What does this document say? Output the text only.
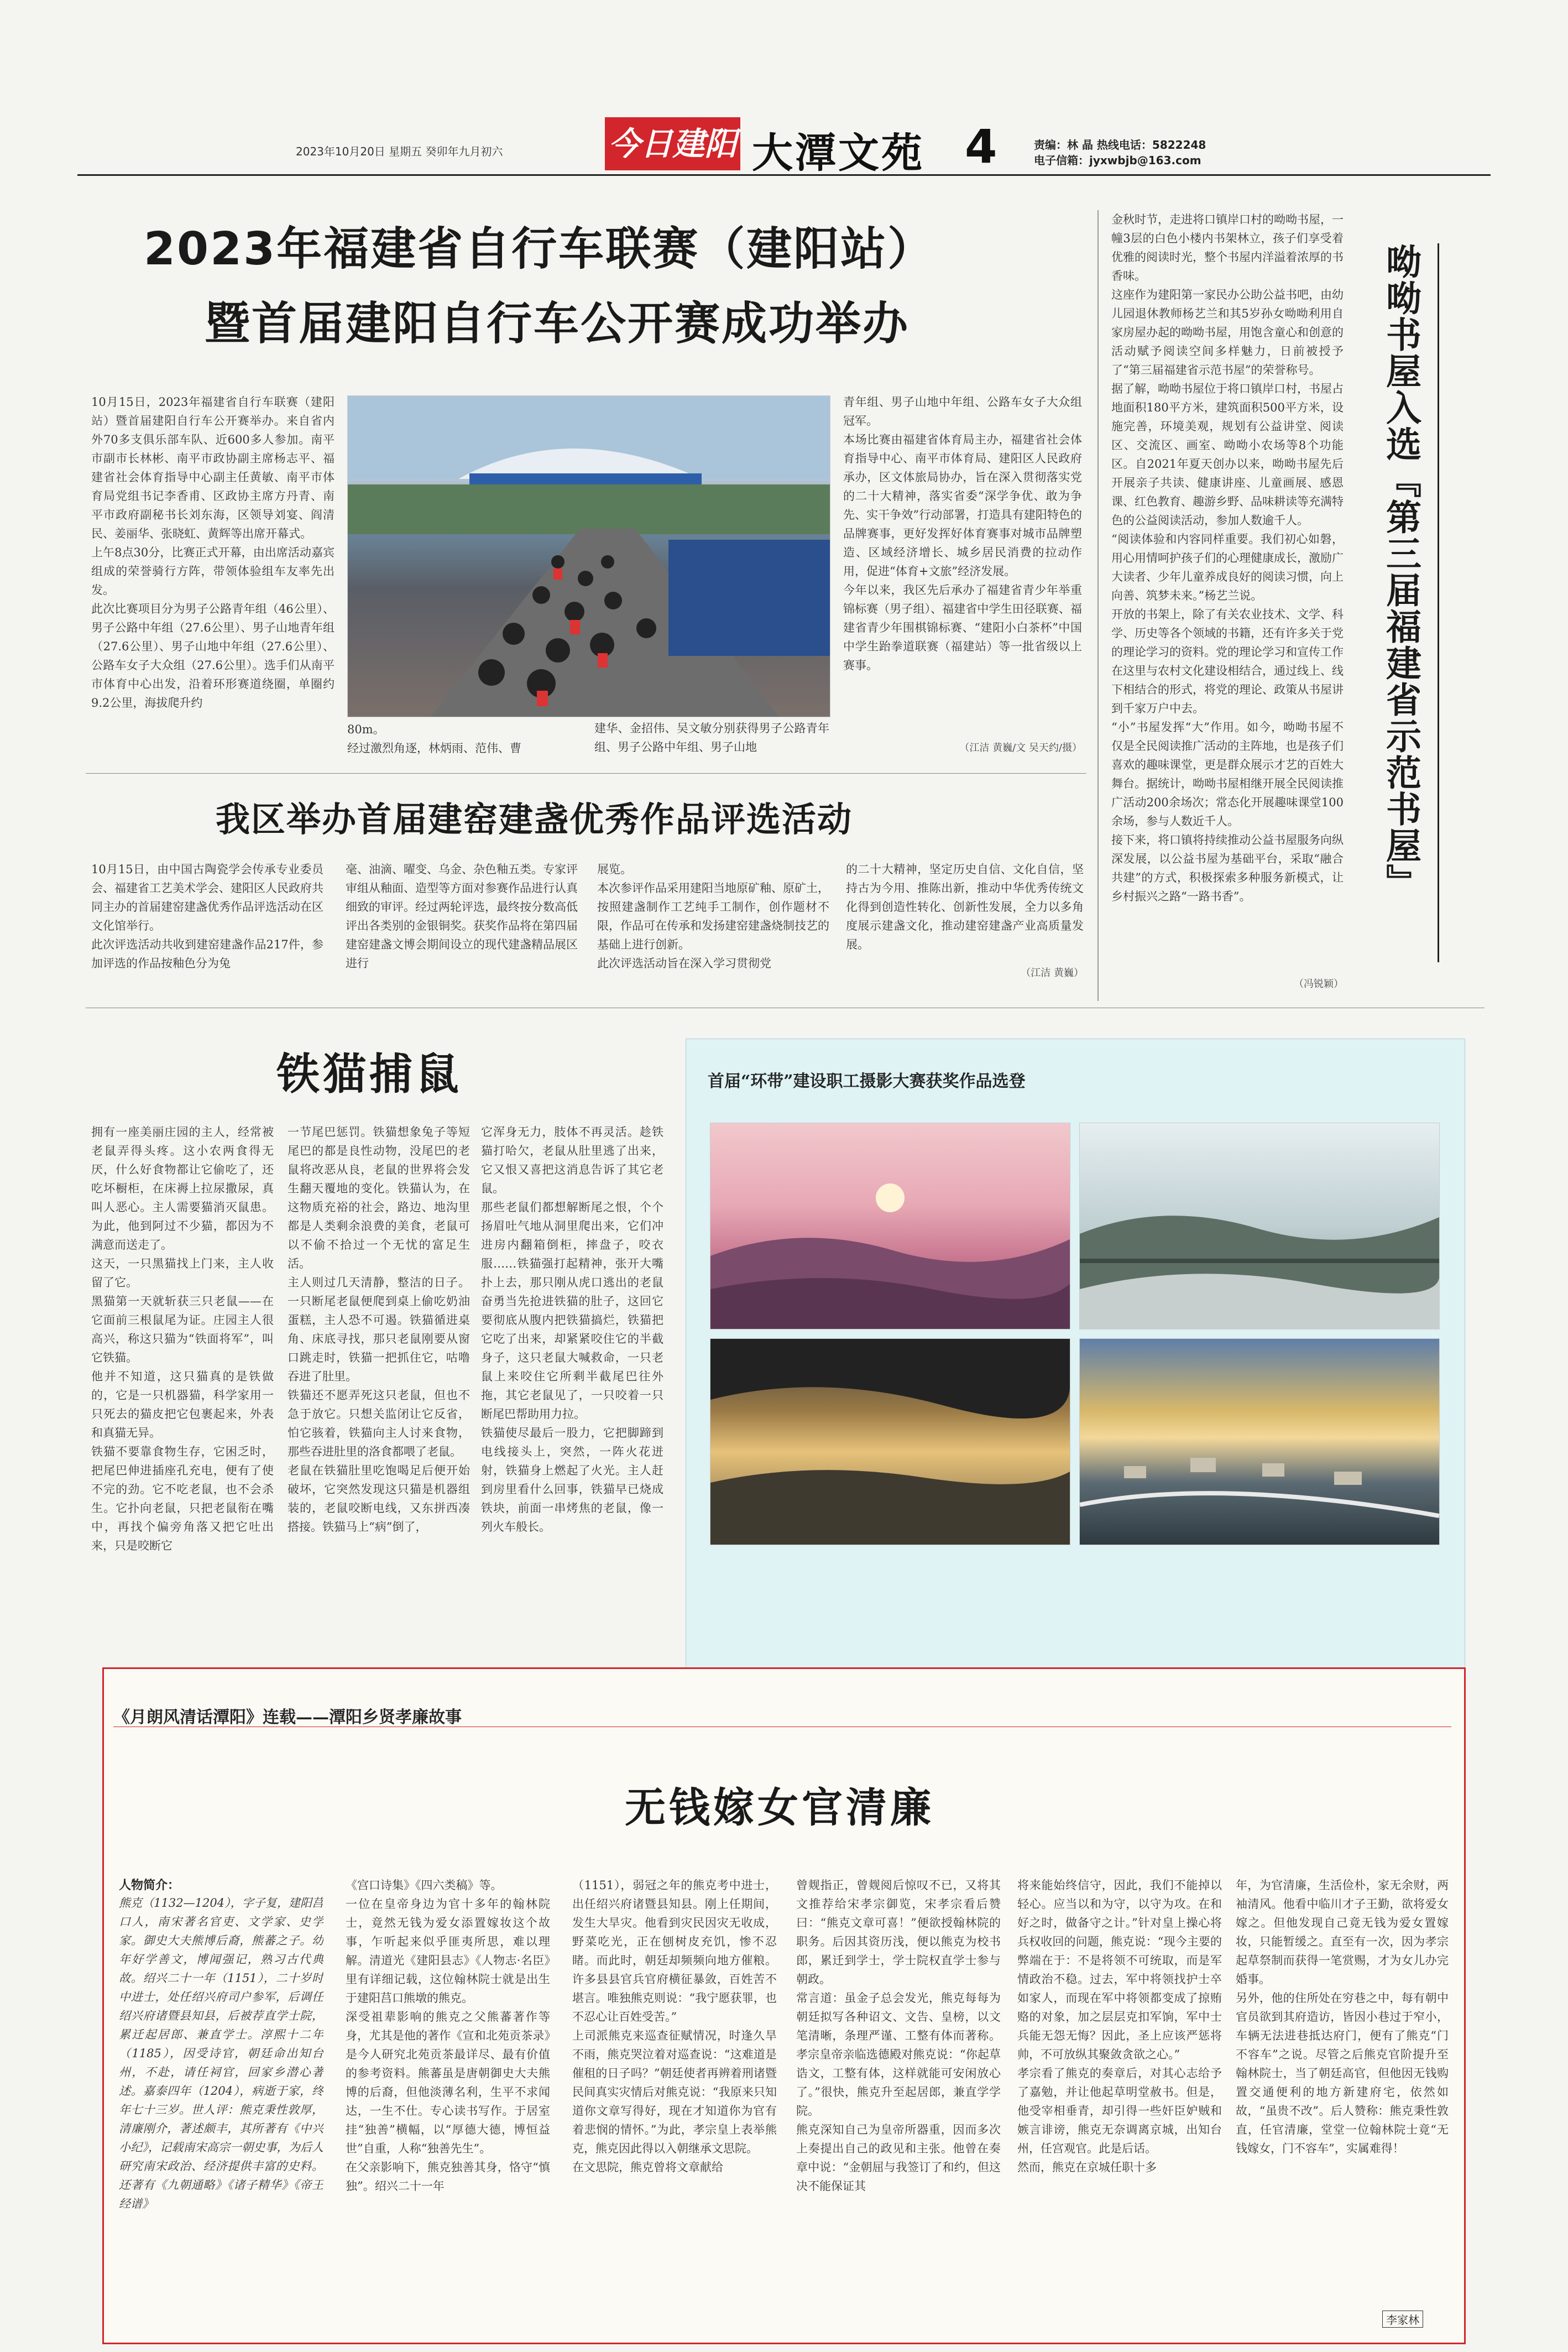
2023年10月20日 星期五 癸卯年九月初六	今日建阳 大潭文苑 4	责编：林 晶 热线电话：5822248
电子信箱：jyxwbjb@163.com
2023年福建省自行车联赛（建阳站）
暨首届建阳自行车公开赛成功举办
10月15日，2023年福建省自行车联赛（建阳站）暨首届建阳自行车公开赛举办。来自省内外70多支俱乐部车队、近600多人参加。南平市副市长林彬、南平市政协副主席杨志平、福建省社会体育指导中心副主任黄敏、南平市体育局党组书记李香甫、区政协主席方丹青、南平市政府副秘书长刘东海，区领导刘宴、阎清民、姜丽华、张晓虹、黄辉等出席开幕式。
上午8点30分，比赛正式开幕，由出席活动嘉宾组成的荣誉骑行方阵，带领体验组车友率先出发。
此次比赛项目分为男子公路青年组（46公里）、男子公路中年组（27.6公里）、男子山地青年组（27.6公里）、男子山地中年组（27.6公里）、公路车女子大众组（27.6公里）。选手们从南平市体育中心出发，沿着环形赛道绕圈，单圈约9.2公里，海拔爬升约
80m。
经过激烈角逐，林炳雨、范伟、曹
建华、金招伟、吴文敏分别获得男子公路青年组、男子公路中年组、男子山地
青年组、男子山地中年组、公路车女子大众组冠军。
本场比赛由福建省体育局主办，福建省社会体育指导中心、南平市体育局、建阳区人民政府承办，区文体旅局协办，旨在深入贯彻落实党的二十大精神，落实省委“深学争优、敢为争先、实干争效”行动部署，打造具有建阳特色的品牌赛事，更好发挥好体育赛事对城市品牌塑造、区域经济增长、城乡居民消费的拉动作用，促进“体育+文旅”经济发展。
今年以来，我区先后承办了福建省青少年举重锦标赛（男子组）、福建省中学生田径联赛、福建省青少年围棋锦标赛、“建阳小白茶杯”中国中学生跆拳道联赛（福建站）等一批省级以上赛事。
（江洁 黄巍/文 吴天约/摄）
我区举办首届建窑建盏优秀作品评选活动
10月15日，由中国古陶瓷学会传承专业委员会、福建省工艺美术学会、建阳区人民政府共同主办的首届建窑建盏优秀作品评选活动在区文化馆举行。
此次评选活动共收到建窑建盏作品217件，参加评选的作品按釉色分为兔
毫、油滴、曜变、乌金、杂色釉五类。专家评审组从釉面、造型等方面对参赛作品进行认真细致的审评。经过两轮评选，最终按分数高低评出各类别的金银铜奖。获奖作品将在第四届建窑建盏文博会期间设立的现代建盏精品展区进行
展览。
本次参评作品采用建阳当地原矿釉、原矿土，按照建盏制作工艺纯手工制作，创作题材不限，作品可在传承和发扬建窑建盏烧制技艺的基础上进行创新。
此次评选活动旨在深入学习贯彻党
的二十大精神，坚定历史自信、文化自信，坚持古为今用、推陈出新，推动中华优秀传统文化得到创造性转化、创新性发展，全力以多角度展示建盏文化，推动建窑建盏产业高质量发展。
（江洁 黄巍）
金秋时节，走进将口镇岸口村的呦呦书屋，一幢3层的白色小楼内书架林立，孩子们享受着优雅的阅读时光，整个书屋内洋溢着浓厚的书香味。
这座作为建阳第一家民办公助公益书吧，由幼儿园退休教师杨艺兰和其5岁孙女呦呦利用自家房屋办起的呦呦书屋，用饱含童心和创意的活动赋予阅读空间多样魅力，日前被授予了“第三届福建省示范书屋”的荣誉称号。
据了解，呦呦书屋位于将口镇岸口村，书屋占地面积180平方米，建筑面积500平方米，设施完善，环境美观，规划有公益讲堂、阅读区、交流区、画室、呦呦小农场等8个功能区。自2021年夏天创办以来，呦呦书屋先后开展亲子共读、健康讲座、儿童画展、感恩课、红色教育、趣游乡野、品味耕读等充满特色的公益阅读活动，参加人数逾千人。
“阅读体验和内容同样重要。我们初心如磐，用心用情呵护孩子们的心理健康成长，激励广大读者、少年儿童养成良好的阅读习惯，向上向善、筑梦未来。”杨艺兰说。
开放的书架上，除了有关农业技术、文学、科学、历史等各个领域的书籍，还有许多关于党的理论学习的资料。党的理论学习和宣传工作在这里与农村文化建设相结合，通过线上、线下相结合的形式，将党的理论、政策从书屋讲到千家万户中去。
“小”书屋发挥“大”作用。如今，呦呦书屋不仅是全民阅读推广活动的主阵地，也是孩子们喜欢的趣味课堂，更是群众展示才艺的百姓大舞台。据统计，呦呦书屋相继开展全民阅读推广活动200余场次；常态化开展趣味课堂100余场，参与人数近千人。
接下来，将口镇将持续推动公益书屋服务向纵深发展，以公益书屋为基础平台，采取“融合共建”的方式，积极探索多种服务新模式，让乡村振兴之路“一路书香”。
（冯锐颖）
呦呦书屋入选『第三届福建省示范书屋』
铁猫捕鼠
拥有一座美丽庄园的主人，经常被老鼠弄得头疼。这小农两食得无厌，什么好食物都让它偷吃了，还吃坏橱柜，在床褥上拉尿撒尿，真叫人恶心。主人需要猫消灭鼠患。为此，他到阿过不少猫，都因为不满意而送走了。
这天，一只黑猫找上门来，主人收留了它。
黑猫第一天就斩获三只老鼠——在它面前三根鼠尾为证。庄园主人很高兴，称这只猫为“铁面将军”，叫它铁猫。
他并不知道，这只猫真的是铁做的，它是一只机器猫，科学家用一只死去的猫皮把它包裹起来，外表和真猫无异。
铁猫不要靠食物生存，它困乏时，把尾巴伸进插座孔充电，便有了使不完的劲。它不吃老鼠，也不会杀生。它扑向老鼠，只把老鼠衔在嘴中，再找个偏旁角落又把它吐出来，只是咬断它
一节尾巴惩罚。铁猫想象兔子等短尾巴的都是良性动物，没尾巴的老鼠将改恶从良，老鼠的世界将会发生翻天覆地的变化。铁猫认为，在这物质充裕的社会，路边、地沟里都是人类剩余浪费的美食，老鼠可以不偷不拾过一个无忧的富足生活。
主人则过几天清静，整洁的日子。一只断尾老鼠便爬到桌上偷吃奶油蛋糕，主人恐不可遏。铁猫循进桌角、床底寻找，那只老鼠刚要从窗口跳走时，铁猫一把抓住它，咕噜吞进了肚里。
铁猫还不愿弄死这只老鼠，但也不急于放它。只想关监闭让它反省，怕它骇着，铁猫向主人讨来食物，那些吞进肚里的洛食都喂了老鼠。
老鼠在铁猫肚里吃饱喝足后便开始破坏，它突然发现这只猫是机器组装的，老鼠咬断电线，又东拼西凑搭接。铁猫马上“病”倒了，
它浑身无力，肢体不再灵活。趁铁猫打哈欠，老鼠从肚里逃了出来，它又恨又喜把这消息告诉了其它老鼠。
那些老鼠们都想解断尾之恨，个个扬眉吐气地从洞里爬出来，它们冲进房内翻箱倒柜，摔盘子，咬衣服……铁猫强打起精神，张开大嘴扑上去，那只刚从虎口逃出的老鼠奋勇当先抢进铁猫的肚子，这回它要彻底从腹内把铁猫搞烂，铁猫把它吃了出来，却紧紧咬住它的半截身子，这只老鼠大喊救命，一只老鼠上来咬住它所剩半截尾巴往外拖，其它老鼠见了，一只咬着一只断尾巴帮助用力拉。
铁猫使尽最后一股力，它把脚蹄到电线接头上，突然，一阵火花迸射，铁猫身上燃起了火光。主人赶到房里看什么回事，铁猫早已烧成铁块，前面一串烤焦的老鼠，像一列火车般长。
首届“环带”建设职工摄影大赛获奖作品选登
《月朗风清话潭阳》连载——潭阳乡贤孝廉故事
无钱嫁女官清廉
人物简介：
熊克（1132—1204），字子复，建阳莒口人，南宋著名官吏、文学家、史学家。御史大夫熊博后裔，熊蕃之子。幼年好学善文，博闻强记，熟习古代典故。绍兴二十一年（1151），二十岁时中进士，处任绍兴府司户参军，后调任绍兴府诸暨县知县，后被荐直学士院，累迁起居郎、兼直学士。淳熙十二年（1185），因受诗官，朝廷命出知台州，不赴，请任祠官，回家乡潜心著述。嘉泰四年（1204），病逝于家，终年七十三岁。世人评：熊克秉性敦厚，清廉刚介，著述颇丰，其所著有《中兴小纪》，记载南宋高宗一朝史事，为后人研究南宋政治、经济提供丰富的史料。还著有《九朝通略》《诸子精华》《帝王经谱》
《宫口诗集》《四六类稿》等。
一位在皇帝身边为官十多年的翰林院士，竟然无钱为爱女添置嫁妆这个故事，乍听起来似乎匪夷所思，难以理解。清道光《建阳县志》《人物志·名臣》里有详细记载，这位翰林院士就是出生于建阳莒口熊墩的熊克。
深受祖辈影响的熊克之父熊蕃著作等身，尤其是他的著作《宣和北苑贡茶录》是今人研究北苑贡茶最详尽、最有价值的参考资料。熊蕃虽是唐朝御史大夫熊博的后裔，但他淡薄名利，生平不求闻达，一生不仕。专心读书写作。于居室挂“独善”横幅，以“厚德大德，博恒益世”自重，人称“独善先生”。
在父亲影响下，熊克独善其身，恪守“慎独”。绍兴二十一年
（1151），弱冠之年的熊克考中进士，出任绍兴府诸暨县知县。刚上任期间，发生大旱灾。他看到灾民因灾无收成，野菜吃光，正在刨树皮充饥，惨不忍睹。而此时，朝廷却频频向地方催粮。许多县县官兵官府横征暴敛，百姓苦不堪言。唯独熊克则说：“我宁愿获罪，也不忍心让百姓受苦。”
上司派熊克来巡查征赋情况，时逢久旱不雨，熊克哭泣着对巡查说：“这难道是催租的日子吗？”朝廷使者再辨着刑诸暨民间真实灾情后对熊克说：“我原来只知道你文章写得好，现在才知道你为官有着悲悯的情怀。”为此，孝宗皇上表举熊克，熊克因此得以入朝继承文思院。
在文思院，熊克曾将文章献给
曾觌指正，曾觌阅后惊叹不已，又将其文推荐给宋孝宗御览，宋孝宗看后赞曰：“熊克文章可喜！”便欲授翰林院的职务。后因其资历浅，便以熊克为校书郎，累迁到学士，学士院权直学士参与朝政。
常言道：虽金子总会发光，熊克每每为朝廷拟写各种诏文、文告、皇榜，以文笔清晰，条理严谨、工整有体而著称。孝宗皇帝亲临选德殿对熊克说：“你起草诰文，工整有体，这样就能可安闲放心了。”很快，熊克升至起居郎，兼直学学院。
熊克深知自己为皇帝所器重，因而多次上奏提出自己的政见和主张。他曾在奏章中说：“金朝屈与我签订了和约，但这决不能保证其
将来能始终信守，因此，我们不能掉以轻心。应当以和为守，以守为攻。在和好之时，做备守之计。”针对皇上操心将兵权收回的问题，熊克说：“现今主要的弊端在于：不是将领不可统取，而是军情政治不稳。过去，军中将领找护士卒如家人，而现在军中将领都变成了掠贿赂的对象，加之层层克扣军饷，军中士兵能无怨无悔？因此，圣上应该严惩将帅，不可放纵其聚敛贪欲之心。”
孝宗看了熊克的奏章后，对其心志给予了嘉勉，并让他起草明堂赦书。但是，他受宰相垂青，却引得一些奸臣妒贼和嫉言诽谤，熊克无奈调离京城，出知台州，任宫观官。此是后话。
然而，熊克在京城任职十多
年，为官清廉，生活俭朴，家无余财，两袖清风。他看中临川才子王勤，欲将爱女嫁之。但他发现自己竟无钱为爱女置嫁妆，只能暂缓之。直至有一次，因为孝宗起草祭制而获得一笔赏赐，才为女儿办完婚事。
另外，他的住所处在穷巷之中，每有朝中官员欲到其府造访，皆因小巷过于窄小，车辆无法进巷抵达府门，便有了熊克“门不容车”之说。尽管之后熊克官阶提升至翰林院士，当了朝廷高官，但他因无钱购置交通便利的地方新建府宅，依然如故，“虽贵不改”。后人赞称：熊克秉性敦直，任官清廉，堂堂一位翰林院士竟“无钱嫁女，门不容车”，实属难得！
李家林
